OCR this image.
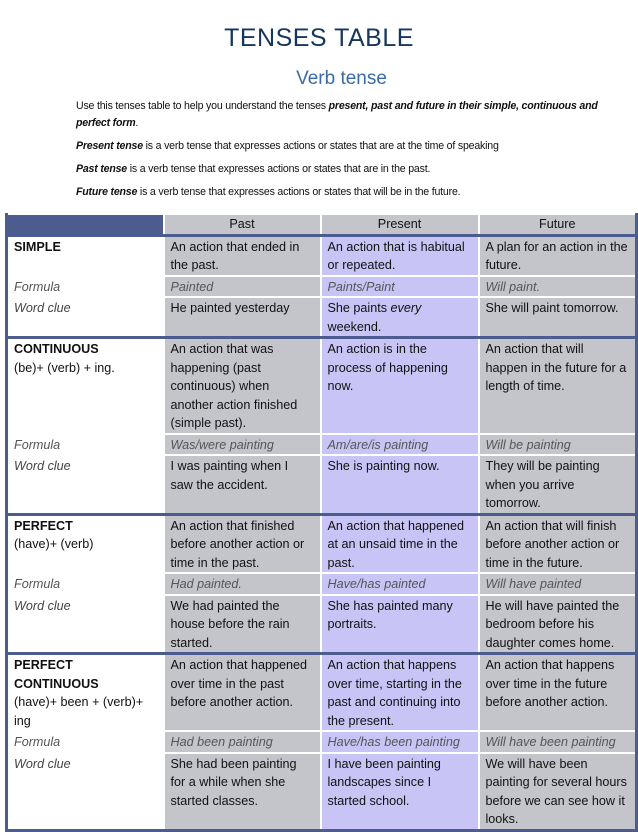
TENSES TABLE
Verb tense

Use this tenses table to help you understand the tenses present, past and future in their simple, continuous and perfect form.

Present tense is a verb tense that expresses actions or states that are at the time of speaking

Past tense is a verb tense that expresses actions or states that are in the past.

Future tense is a verb tense that expresses actions or states that will be in the future.

	Past	Present	Future
SIMPLE	An action that ended in the past.	An action that is habitual or repeated.	A plan for an action in the future.
Formula	Painted	Paints/Paint	Will paint.
Word clue	He painted yesterday	She paints every weekend.	She will paint tomorrow.

CONTINUOUS
(be)+ (verb) + ing.	An action that was happening (past continuous) when another action finished (simple past).	An action is in the process of happening now.	An action that will happen in the future for a length of time.
Formula	Was/were painting	Am/are/is painting	Will be painting
Word clue	I was painting when I saw the accident.	She is painting now.	They will be painting when you arrive tomorrow.

PERFECT
(have)+ (verb)	An action that finished before another action or time in the past.	An action that happened at an unsaid time in the past.	An action that will finish before another action or time in the future.
Formula	Had painted.	Have/has painted	Will have painted
Word clue	We had painted the house before the rain started.	She has painted many portraits.	He will have painted the bedroom before his daughter comes home.

PERFECT CONTINUOUS
(have)+ been + (verb)+ ing	An action that happened over time in the past before another action.	An action that happens over time, starting in the past and continuing into the present.	An action that happens over time in the future before another action.
Formula	Had been painting	Have/has been painting	Will have been painting
Word clue	She had been painting for a while when she started classes.	I have been painting landscapes since I started school.	We will have been painting for several hours before we can see how it looks.
